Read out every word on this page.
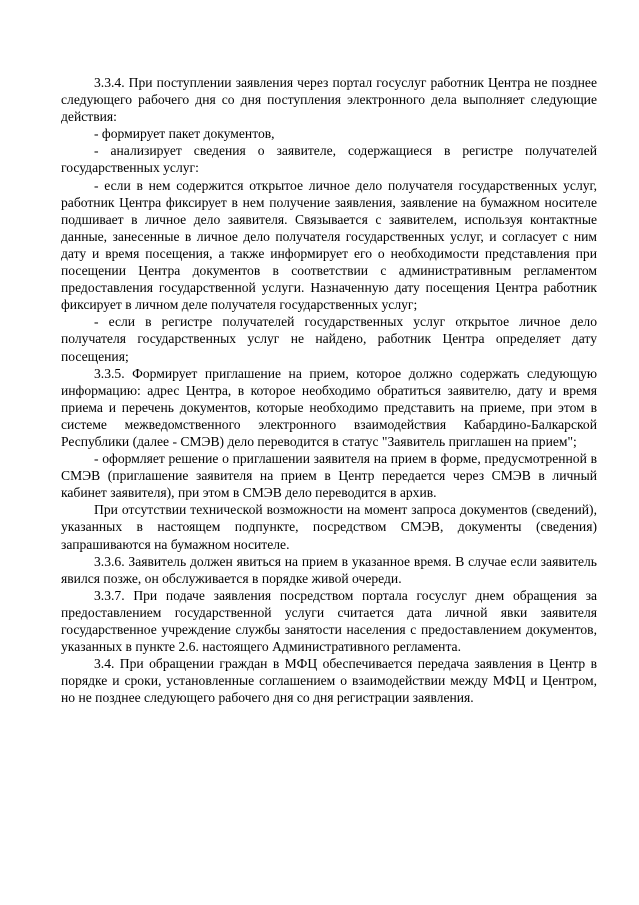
3.3.4. При поступлении заявления через портал госуслуг работник Центра не позднее следующего рабочего дня со дня поступления электронного дела выполняет следующие действия:

- формирует пакет документов,

- анализирует сведения о заявителе, содержащиеся в регистре получателей государственных услуг:

- если в нем содержится открытое личное дело получателя государственных услуг, работник Центра фиксирует в нем получение заявления, заявление на бумажном носителе подшивает в личное дело заявителя. Связывается с заявителем, используя контактные данные, занесенные в личное дело получателя государственных услуг, и согласует с ним дату и время посещения, а также информирует его о необходимости представления при посещении Центра документов в соответствии с административным регламентом предоставления государственной услуги. Назначенную дату посещения Центра работник фиксирует в личном деле получателя государственных услуг;

- если в регистре получателей государственных услуг открытое личное дело получателя государственных услуг не найдено, работник Центра определяет дату посещения;

3.3.5. Формирует приглашение на прием, которое должно содержать следующую информацию: адрес Центра, в которое необходимо обратиться заявителю, дату и время приема и перечень документов, которые необходимо представить на приеме, при этом в системе межведомственного электронного взаимодействия Кабардино-Балкарской Республики (далее - СМЭВ) дело переводится в статус "Заявитель приглашен на прием";

- оформляет решение о приглашении заявителя на прием в форме, предусмотренной в СМЭВ (приглашение заявителя на прием в Центр передается через СМЭВ в личный кабинет заявителя), при этом в СМЭВ дело переводится в архив.

При отсутствии технической возможности на момент запроса документов (сведений), указанных в настоящем подпункте, посредством СМЭВ, документы (сведения) запрашиваются на бумажном носителе.

3.3.6. Заявитель должен явиться на прием в указанное время. В случае если заявитель явился позже, он обслуживается в порядке живой очереди.

3.3.7. При подаче заявления посредством портала госуслуг днем обращения за предоставлением государственной услуги считается дата личной явки заявителя государственное учреждение службы занятости населения с предоставлением документов, указанных в пункте 2.6. настоящего Административного регламента.

3.4. При обращении граждан в МФЦ обеспечивается передача заявления в Центр в порядке и сроки, установленные соглашением о взаимодействии между МФЦ и Центром, но не позднее следующего рабочего дня со дня регистрации заявления.
